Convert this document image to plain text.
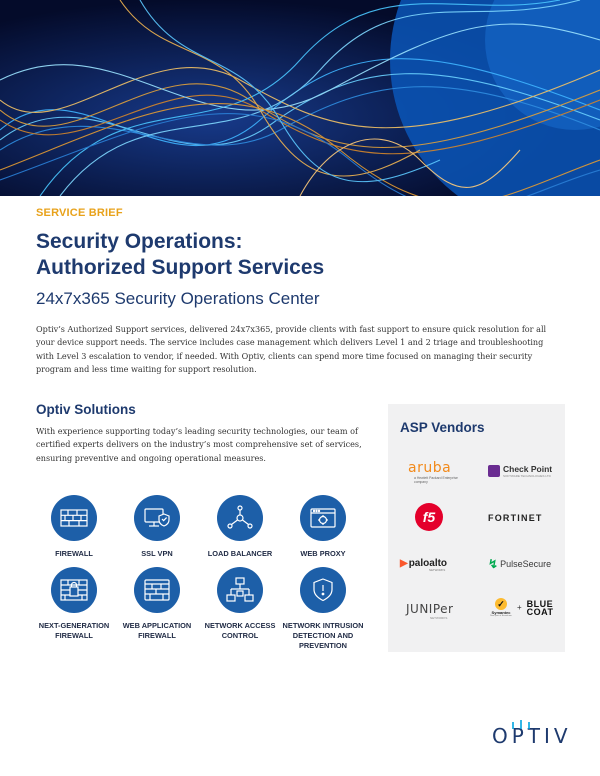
SERVICE BRIEF
Security Operations:
Authorized Support Services
24x7x365 Security Operations Center

Optiv’s Authorized Support services, delivered 24x7x365, provide clients with fast support to ensure quick resolution for all your device support needs. The service includes case management which delivers Level 1 and 2 triage and troubleshooting with Level 3 escalation to vendor, if needed. With Optiv, clients can spend more time focused on managing their security program and less time waiting for support resolution.

Optiv Solutions

With experience supporting today’s leading security technologies, our team of certified experts delivers on the industry’s most comprehensive set of services, ensuring preventive and ongoing operational measures.

FIREWALL	SSL VPN	LOAD BALANCER	WEB PROXY
NEXT-GENERATION FIREWALL
WEB APPLICATION FIREWALL
NETWORK ACCESS CONTROL
NETWORK INTRUSION DETECTION AND PREVENTION
ASP Vendors
aruba
a Hewlett Packard Enterprise company
Check Point
SOFTWARE TECHNOLOGIES LTD
f5	FORTINET
▶ paloalto
NETWORKS	↯ PulseSecure
JUNIPer
NETWORKS
✓
Symantec
Now part of Broadcom
+ BLUE COAT
OPTIV
